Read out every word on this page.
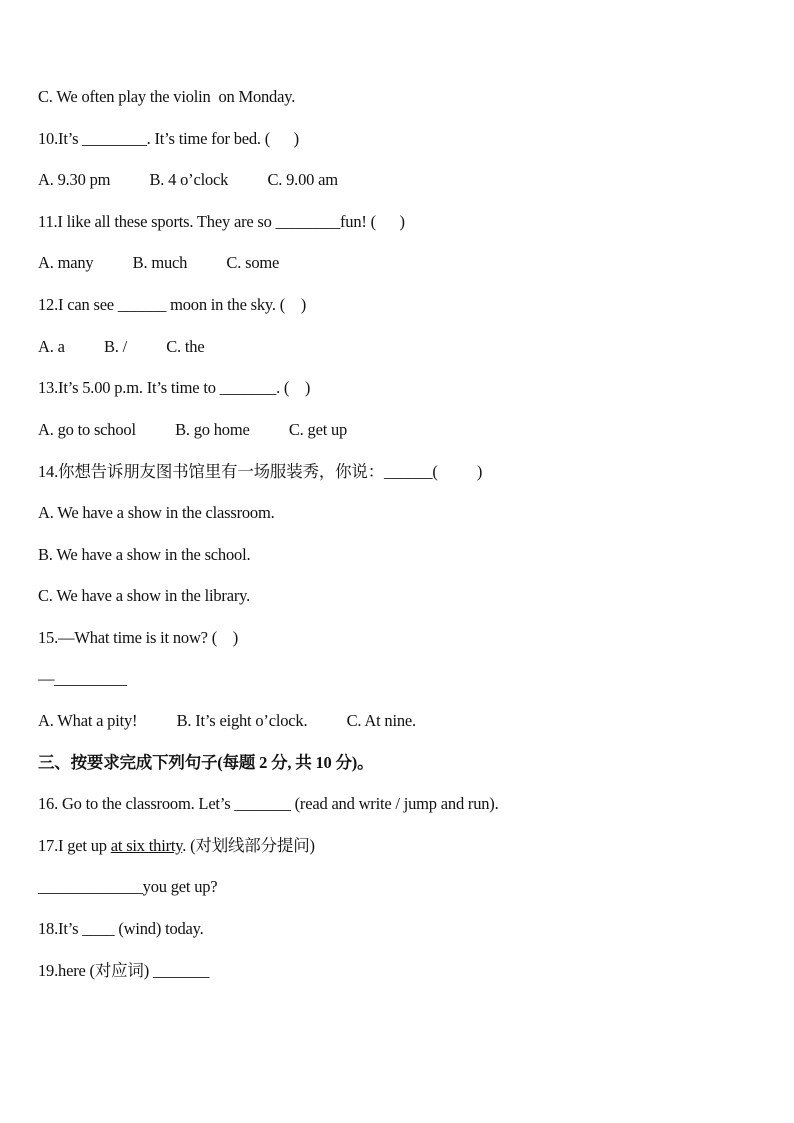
C. We often play the violin  on Monday.
10.It’s ________. It’s time for bed. (      )
A. 9.30 pm          B. 4 o’clock          C. 9.00 am
11.I like all these sports. They are so ________fun! (      )
A. many          B. much          C. some
12.I can see ______ moon in the sky. (    )
A. a          B. /          C. the
13.It’s 5.00 p.m. It’s time to _______. (    )
A. go to school          B. go home          C. get up
14.你想告诉朋友图书馆里有一场服装秀，你说：______(          )
A. We have a show in the classroom.
B. We have a show in the school.
C. We have a show in the library.
15.—What time is it now? (    )
—_________
A. What a pity!          B. It’s eight o’clock.          C. At nine.
三、按要求完成下列句子(每题 2 分, 共 10 分)。
16. Go to the classroom. Let’s _______ (read and write / jump and run).
17.I get up at six thirty. (对划线部分提问)
_____________you get up?
18.It’s ____ (wind) today.
19.here (对应词) _______
